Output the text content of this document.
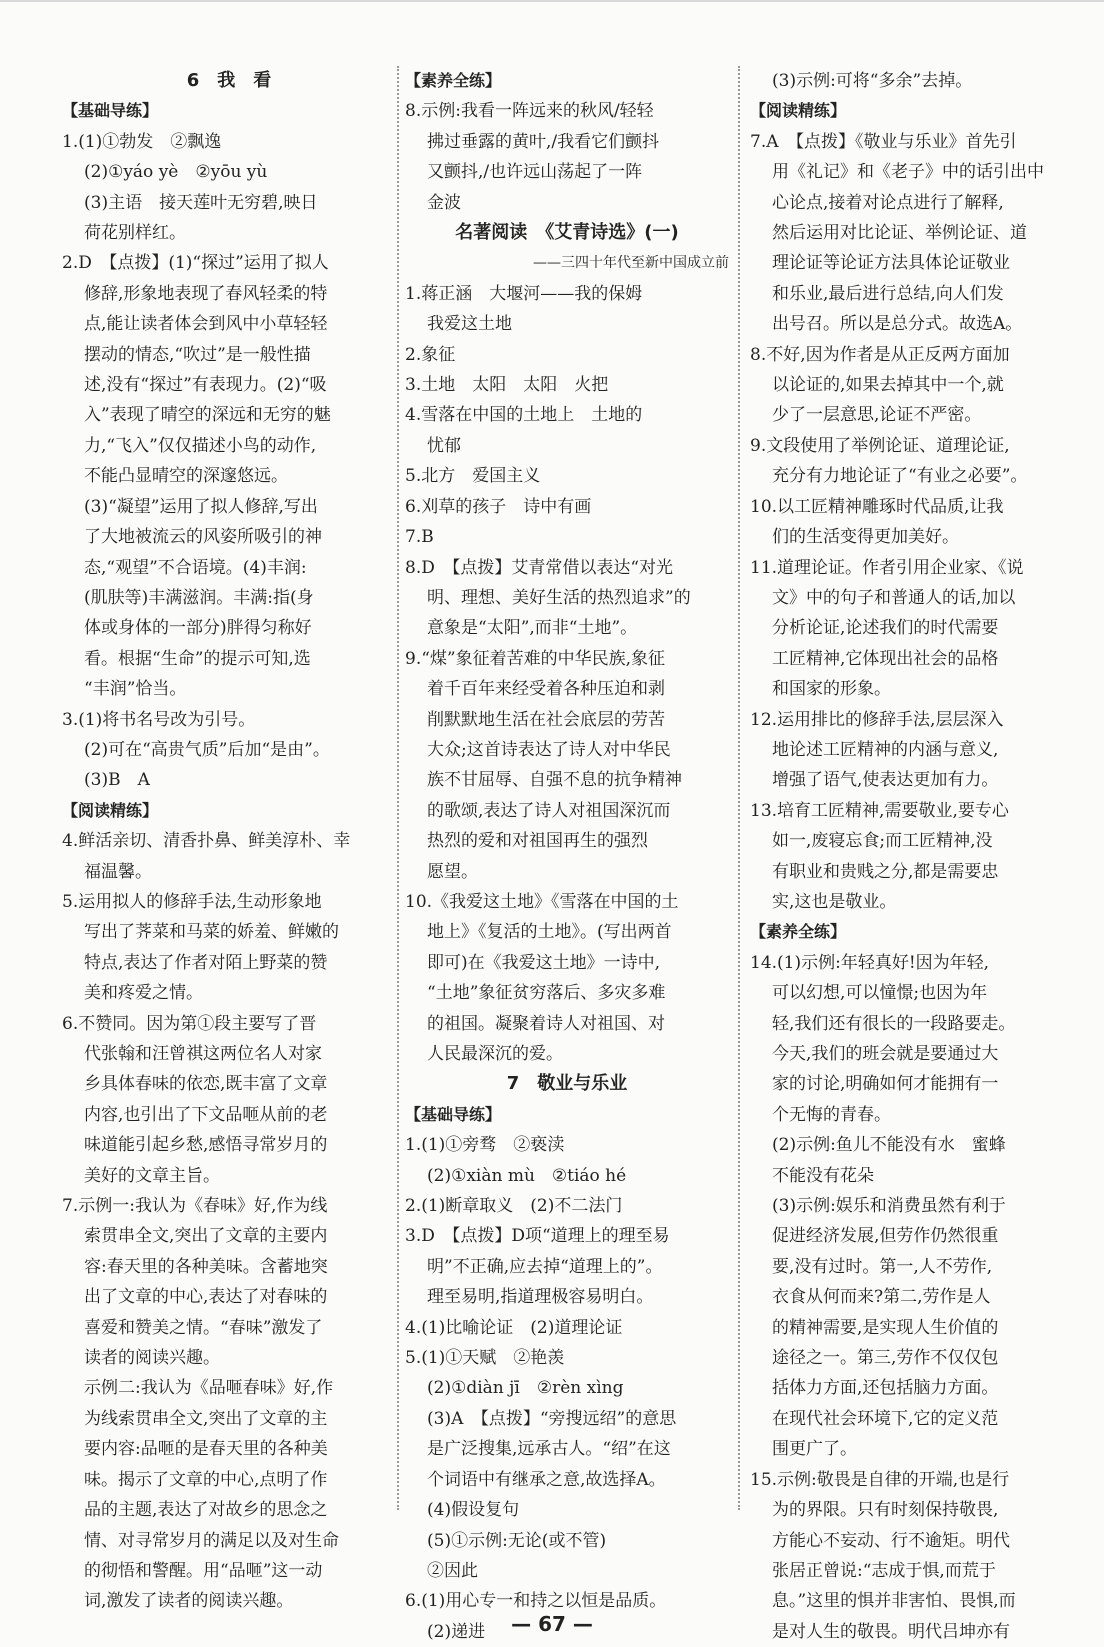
6　我　看
【基础导练】
1.(1)①勃发　②飘逸
(2)①yáo yè　②yōu yù
(3)主语　接天莲叶无穷碧,映日
荷花别样红。
2.D　【点拨】(1)“探过”运用了拟人
修辞,形象地表现了春风轻柔的特
点,能让读者体会到风中小草轻轻
摆动的情态,“吹过”是一般性描
述,没有“探过”有表现力。(2)“吸
入”表现了晴空的深远和无穷的魅
力,“飞入”仅仅描述小鸟的动作,
不能凸显晴空的深邃悠远。
(3)“凝望”运用了拟人修辞,写出
了大地被流云的风姿所吸引的神
态,“观望”不合语境。(4)丰润:
(肌肤等)丰满滋润。丰满:指(身
体或身体的一部分)胖得匀称好
看。根据“生命”的提示可知,选
“丰润”恰当。
3.(1)将书名号改为引号。
(2)可在“高贵气质”后加“是由”。
(3)B　A
【阅读精练】
4.鲜活亲切、清香扑鼻、鲜美淳朴、幸
福温馨。
5.运用拟人的修辞手法,生动形象地
写出了荠菜和马菜的娇羞、鲜嫩的
特点,表达了作者对陌上野菜的赞
美和疼爱之情。
6.不赞同。因为第①段主要写了晋
代张翰和汪曾祺这两位名人对家
乡具体春味的依恋,既丰富了文章
内容,也引出了下文品咂从前的老
味道能引起乡愁,感悟寻常岁月的
美好的文章主旨。
7.示例一:我认为《春味》好,作为线
索贯串全文,突出了文章的主要内
容:春天里的各种美味。含蓄地突
出了文章的中心,表达了对春味的
喜爱和赞美之情。“春味”激发了
读者的阅读兴趣。
示例二:我认为《品咂春味》好,作
为线索贯串全文,突出了文章的主
要内容:品咂的是春天里的各种美
味。揭示了文章的中心,点明了作
品的主题,表达了对故乡的思念之
情、对寻常岁月的满足以及对生命
的彻悟和警醒。用“品咂”这一动
词,激发了读者的阅读兴趣。
【素养全练】
8.示例:我看一阵远来的秋风/轻轻
拂过垂露的黄叶,/我看它们颤抖
又颤抖,/也许远山荡起了一阵
金波
名著阅读　《艾青诗选》(一)
——三四十年代至新中国成立前
1.蒋正涵　大堰河——我的保姆
我爱这土地
2.象征
3.土地　太阳　太阳　火把
4.雪落在中国的土地上　土地的
忧郁
5.北方　爱国主义
6.刈草的孩子　诗中有画
7.B
8.D　【点拨】艾青常借以表达“对光
明、理想、美好生活的热烈追求”的
意象是“太阳”,而非“土地”。
9.“煤”象征着苦难的中华民族,象征
着千百年来经受着各种压迫和剥
削默默地生活在社会底层的劳苦
大众;这首诗表达了诗人对中华民
族不甘屈辱、自强不息的抗争精神
的歌颂,表达了诗人对祖国深沉而
热烈的爱和对祖国再生的强烈
愿望。
10.《我爱这土地》《雪落在中国的土
地上》《复活的土地》。(写出两首
即可)在《我爱这土地》一诗中,
“土地”象征贫穷落后、多灾多难
的祖国。凝聚着诗人对祖国、对
人民最深沉的爱。
7　敬业与乐业
【基础导练】
1.(1)①旁骛　②亵渎
(2)①xiàn mù　②tiáo hé
2.(1)断章取义　(2)不二法门
3.D　【点拨】D项“道理上的理至易
明”不正确,应去掉“道理上的”。
理至易明,指道理极容易明白。
4.(1)比喻论证　(2)道理论证
5.(1)①天赋　②艳羡
(2)①diàn jī　②rèn xìng
(3)A　【点拨】“旁搜远绍”的意思
是广泛搜集,远承古人。“绍”在这
个词语中有继承之意,故选择A。
(4)假设复句
(5)①示例:无论(或不管)
②因此
6.(1)用心专一和持之以恒是品质。
(2)递进
(3)示例:可将“多余”去掉。
【阅读精练】
7.A　【点拨】《敬业与乐业》首先引
用《礼记》和《老子》中的话引出中
心论点,接着对论点进行了解释,
然后运用对比论证、举例论证、道
理论证等论证方法具体论证敬业
和乐业,最后进行总结,向人们发
出号召。所以是总分式。故选A。
8.不好,因为作者是从正反两方面加
以论证的,如果去掉其中一个,就
少了一层意思,论证不严密。
9.文段使用了举例论证、道理论证,
充分有力地论证了“有业之必要”。
10.以工匠精神雕琢时代品质,让我
们的生活变得更加美好。
11.道理论证。作者引用企业家、《说
文》中的句子和普通人的话,加以
分析论证,论述我们的时代需要
工匠精神,它体现出社会的品格
和国家的形象。
12.运用排比的修辞手法,层层深入
地论述工匠精神的内涵与意义,
增强了语气,使表达更加有力。
13.培育工匠精神,需要敬业,要专心
如一,废寝忘食;而工匠精神,没
有职业和贵贱之分,都是需要忠
实,这也是敬业。
【素养全练】
14.(1)示例:年轻真好!因为年轻,
可以幻想,可以憧憬;也因为年
轻,我们还有很长的一段路要走。
今天,我们的班会就是要通过大
家的讨论,明确如何才能拥有一
个无悔的青春。
(2)示例:鱼儿不能没有水　蜜蜂
不能没有花朵
(3)示例:娱乐和消费虽然有利于
促进经济发展,但劳作仍然很重
要,没有过时。第一,人不劳作,
衣食从何而来?第二,劳作是人
的精神需要,是实现人生价值的
途径之一。第三,劳作不仅仅包
括体力方面,还包括脑力方面。
在现代社会环境下,它的定义范
围更广了。
15.示例:敬畏是自律的开端,也是行
为的界限。只有时刻保持敬畏,
方能心不妄动、行不逾矩。明代
张居正曾说:“志成于惧,而荒于
息。”这里的惧并非害怕、畏惧,而
是对人生的敬畏。明代吕坤亦有
— 67 —
